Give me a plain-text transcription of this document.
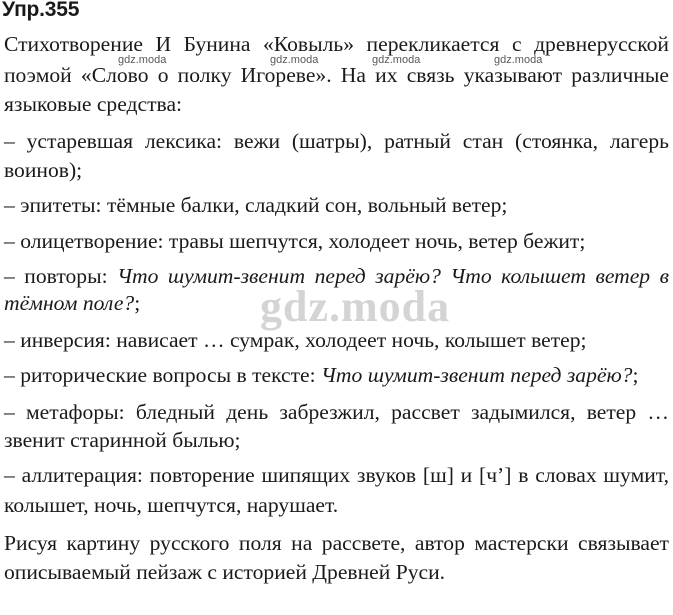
Упр.355
gdz.moda	gdz.moda	gdz.moda	gdz.moda
Стихотворение И Бунина «Ковыль» перекликается с древнерусской
поэмой «Слово о полку Игореве». На их связь указывают различные
языковые средства:
– устаревшая лексика: вежи (шатры), ратный стан (стоянка, лагерь
воинов);
– эпитеты: тёмные балки, сладкий сон, вольный ветер;
– олицетворение: травы шепчутся, холодеет ночь, ветер бежит;
– повторы: Что шумит-звенит перед зарёю? Что колышет ветер в
тёмном поле?;
– инверсия: нависает … сумрак, холодеет ночь, колышет ветер;
– риторические вопросы в тексте: Что шумит-звенит перед зарёю?;
– метафоры: бледный день забрезжил, рассвет задымился, ветер …
звенит старинной былью;
– аллитерация: повторение шипящих звуков [ш] и [ч’] в словах шумит,
колышет, ночь, шепчутся, нарушает.
Рисуя картину русского поля на рассвете, автор мастерски связывает
описываемый пейзаж с историей Древней Руси.
gdz.moda
